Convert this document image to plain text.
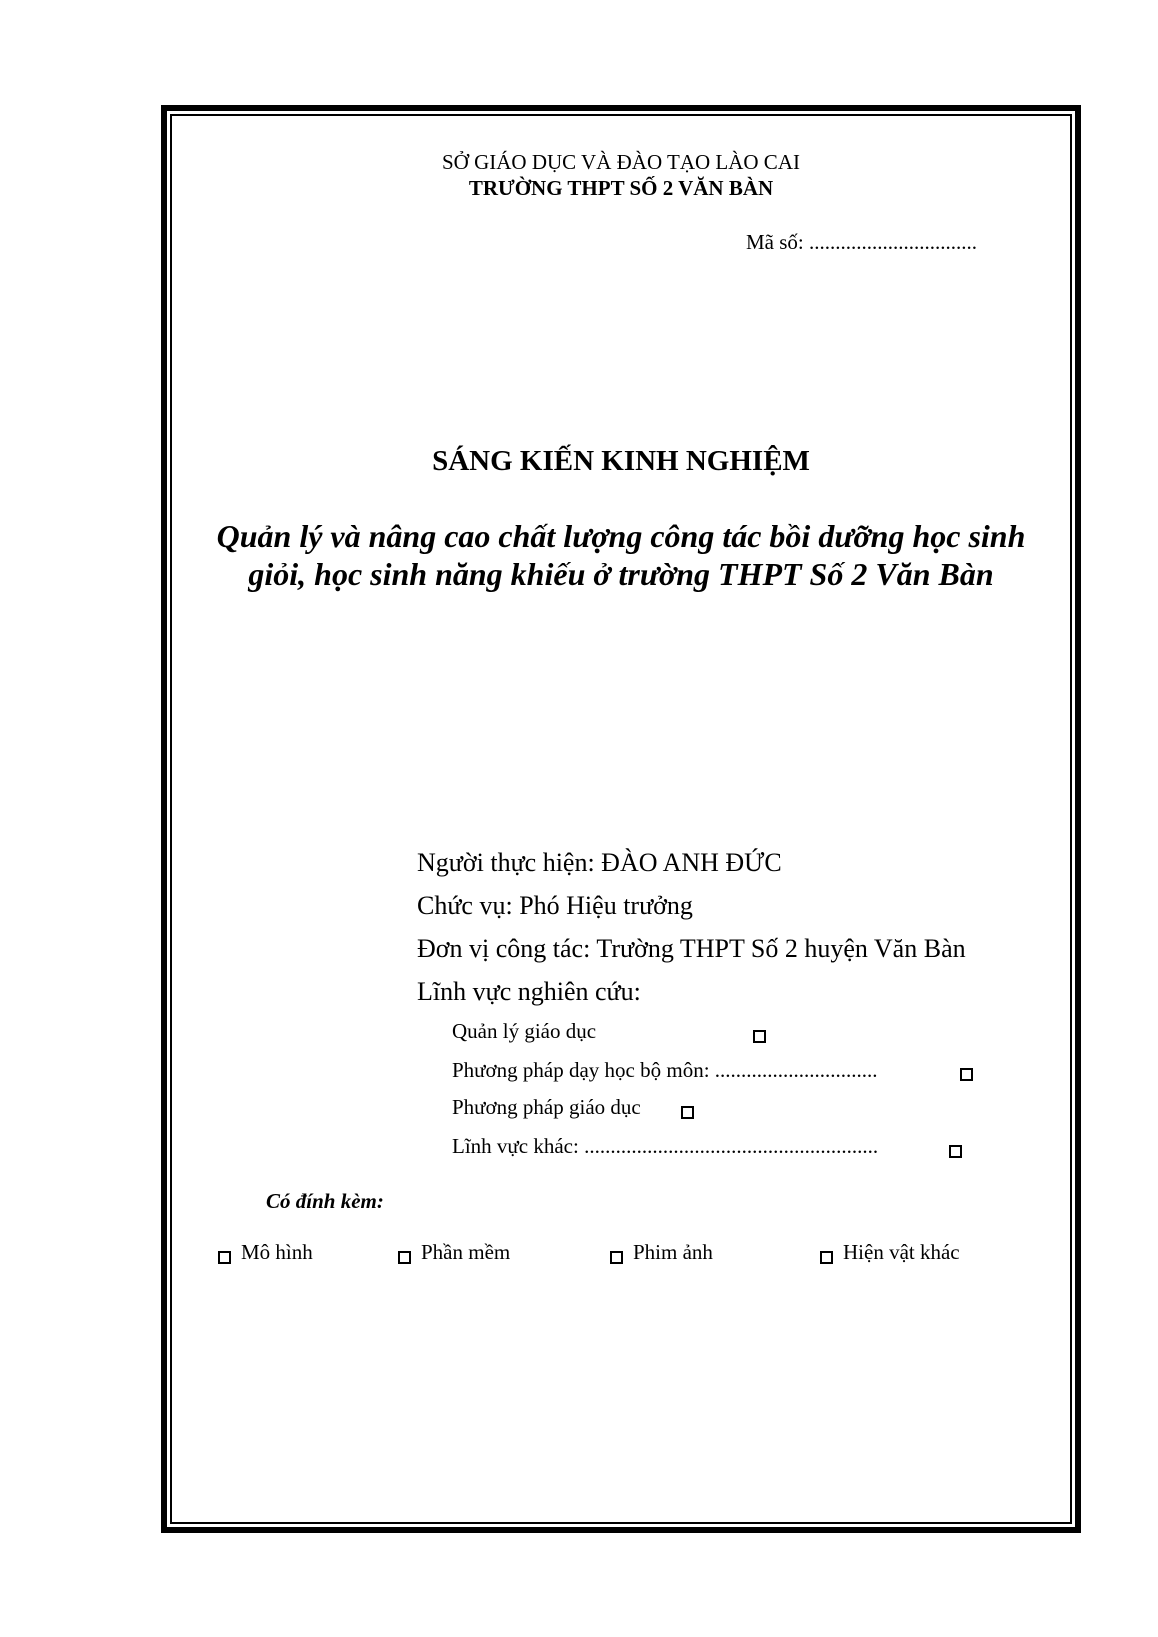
SỞ GIÁO DỤC VÀ ĐÀO TẠO LÀO CAI
TRƯỜNG THPT SỐ 2 VĂN BÀN
Mã số: ................................
SÁNG KIẾN KINH NGHIỆM
Quản lý và nâng cao chất lượng công tác bồi dưỡng học sinh
giỏi, học sinh năng khiếu ở trường THPT Số 2 Văn Bàn
Người thực hiện: ĐÀO ANH ĐỨC
Chức vụ: Phó Hiệu trưởng
Đơn vị công tác: Trường THPT Số 2 huyện Văn Bàn
Lĩnh vực nghiên cứu:
Quản lý giáo dục
Phương pháp dạy học bộ môn: ...............................
Phương pháp giáo dục
Lĩnh vực khác: ........................................................
Có đính kèm:
Mô hình	Phần mềm	Phim ảnh	Hiện vật khác
